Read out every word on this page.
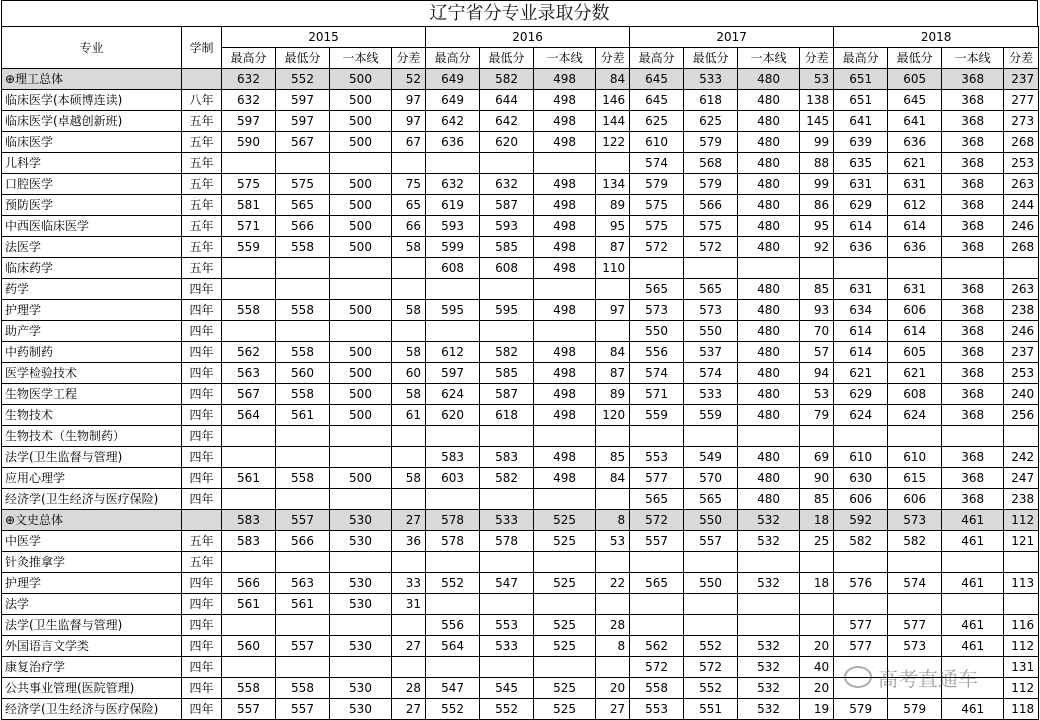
辽宁省分专业录取分数
专业	学制	2015				2016				2017				2018			
		最高分	最低分	一本线	分差	最高分	最低分	一本线	分差	最高分	最低分	一本线	分差	最高分	最低分	一本线	分差
⊕理工总体		632	552	500	52	649	582	498	84	645	533	480	53	651	605	368	237
临床医学(本硕博连读)	八年	632	597	500	97	649	644	498	146	645	618	480	138	651	645	368	277
临床医学(卓越创新班)	五年	597	597	500	97	642	642	498	144	625	625	480	145	641	641	368	273
临床医学	五年	590	567	500	67	636	620	498	122	610	579	480	99	639	636	368	268
儿科学	五年									574	568	480	88	635	621	368	253
口腔医学	五年	575	575	500	75	632	632	498	134	579	579	480	99	631	631	368	263
预防医学	五年	581	565	500	65	619	587	498	89	575	566	480	86	629	612	368	244
中西医临床医学	五年	571	566	500	66	593	593	498	95	575	575	480	95	614	614	368	246
法医学	五年	559	558	500	58	599	585	498	87	572	572	480	92	636	636	368	268
临床药学	五年					608	608	498	110								
药学	四年									565	565	480	85	631	631	368	263
护理学	四年	558	558	500	58	595	595	498	97	573	573	480	93	634	606	368	238
助产学	四年									550	550	480	70	614	614	368	246
中药制药	四年	562	558	500	58	612	582	498	84	556	537	480	57	614	605	368	237
医学检验技术	四年	563	560	500	60	597	585	498	87	574	574	480	94	621	621	368	253
生物医学工程	四年	567	558	500	58	624	587	498	89	571	533	480	53	629	608	368	240
生物技术	四年	564	561	500	61	620	618	498	120	559	559	480	79	624	624	368	256
生物技术（生物制药）	四年																
法学(卫生监督与管理)	四年					583	583	498	85	553	549	480	69	610	610	368	242
应用心理学	四年	561	558	500	58	603	582	498	84	577	570	480	90	630	615	368	247
经济学(卫生经济与医疗保险)	四年									565	565	480	85	606	606	368	238
⊕文史总体		583	557	530	27	578	533	525	8	572	550	532	18	592	573	461	112
中医学	五年	583	566	530	36	578	578	525	53	557	557	532	25	582	582	461	121
针灸推拿学	五年																
护理学	四年	566	563	530	33	552	547	525	22	565	550	532	18	576	574	461	113
法学	四年	561	561	530	31												
法学(卫生监督与管理)	四年					556	553	525	28					577	577	461	116
外国语言文学类	四年	560	557	530	27	564	533	525	8	562	552	532	20	577	573	461	112
康复治疗学	四年									572	572	532	40				131
公共事业管理(医院管理)	四年	558	558	530	28	547	545	525	20	558	552	532	20				112
经济学(卫生经济与医疗保险)	四年	557	557	530	27	552	552	525	27	553	551	532	19	579	579	461	118
高考直通车
